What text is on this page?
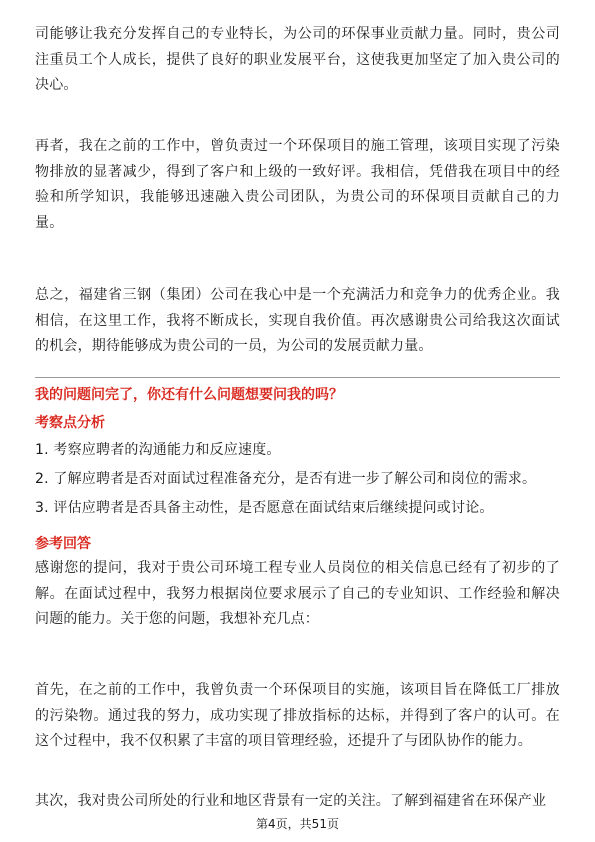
司能够让我充分发挥自己的专业特长，为公司的环保事业贡献力量。同时，贵公司注重员工个人成长，提供了良好的职业发展平台，这使我更加坚定了加入贵公司的决心。

再者，我在之前的工作中，曾负责过一个环保项目的施工管理，该项目实现了污染物排放的显著减少，得到了客户和上级的一致好评。我相信，凭借我在项目中的经验和所学知识，我能够迅速融入贵公司团队，为贵公司的环保项目贡献自己的力量。

总之，福建省三钢（集团）公司在我心中是一个充满活力和竞争力的优秀企业。我相信，在这里工作，我将不断成长，实现自我价值。再次感谢贵公司给我这次面试的机会，期待能够成为贵公司的一员，为公司的发展贡献力量。

我的问题问完了，你还有什么问题想要问我的吗？
考察点分析
1. 考察应聘者的沟通能力和反应速度。
2. 了解应聘者是否对面试过程准备充分，是否有进一步了解公司和岗位的需求。
3. 评估应聘者是否具备主动性，是否愿意在面试结束后继续提问或讨论。
参考回答

感谢您的提问，我对于贵公司环境工程专业人员岗位的相关信息已经有了初步的了解。在面试过程中，我努力根据岗位要求展示了自己的专业知识、工作经验和解决问题的能力。关于您的问题，我想补充几点：

首先，在之前的工作中，我曾负责一个环保项目的实施，该项目旨在降低工厂排放的污染物。通过我的努力，成功实现了排放指标的达标，并得到了客户的认可。在这个过程中，我不仅积累了丰富的项目管理经验，还提升了与团队协作的能力。

其次，我对贵公司所处的行业和地区背景有一定的关注。了解到福建省在环保产业

第4页，共51页
